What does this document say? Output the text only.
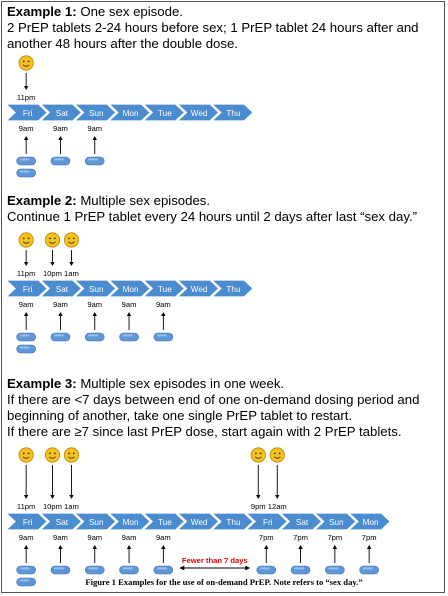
Example 1: One sex episode.
2 PrEP tablets 2-24 hours before sex; 1 PrEP tablet 24 hours after and
another 48 hours after the double dose.
Example 2: Multiple sex episodes.
Continue 1 PrEP tablet every 24 hours until 2 days after last “sex day.”
Example 3: Multiple sex episodes in one week.
If there are <7 days between end of one on-demand dosing period and
beginning of another, take one single PrEP tablet to restart.
If there are ≥7 since last PrEP dose, start again with 2 PrEP tablets.
Fri	Sat	Sun Mon Tue Wed Thu
11pm
9am	9am	9am
Fri	Sat	Sun Mon Tue Wed Thu
11pm 10pm 1am
9am	9am	9am	9am	9am
Fri	Sat	Sun Mon Tue Wed Thu	Fri	Sat	Sun Mon
11pm 10pm 1am	9pm 12am
9am	9am	9am	9am	9am	7pm	7pm	7pm	7pm
Fewer than 7 days
Figure 1 Examples for the use of on-demand PrEP. Note refers to “sex day.”
